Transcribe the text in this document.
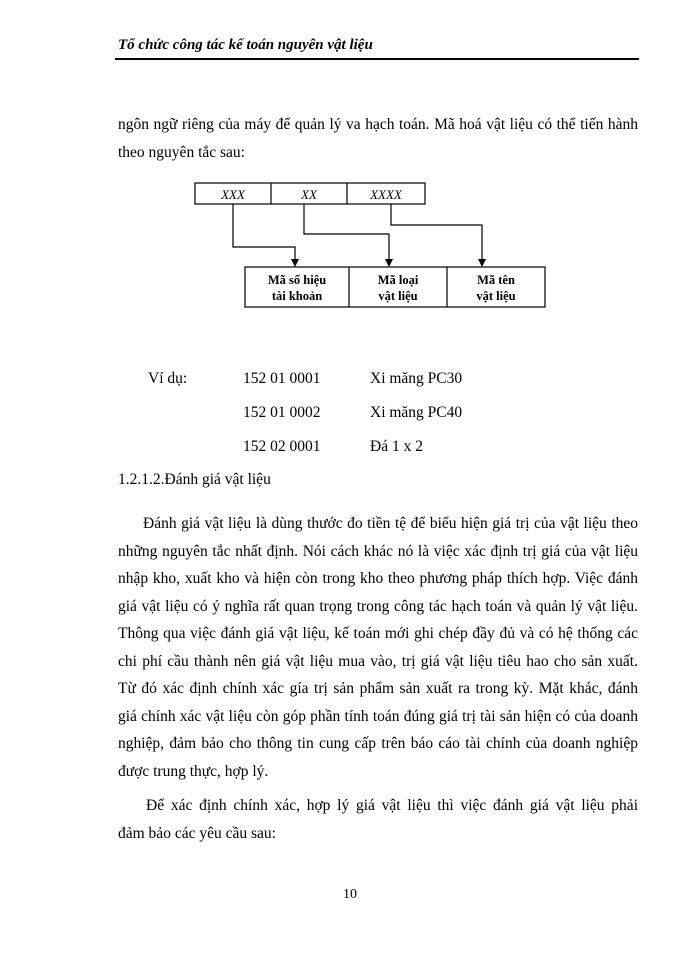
Tổ chức công tác kế toán nguyên vật liệu
ngôn ngữ riêng của máy để quản lý va hạch toán. Mã hoá vật liệu có thể tiến hành
theo nguyên tắc sau:
XXX	XX	XXXX
Mã số hiệu
tài khoản
Mã loại
vật liệu
Mã tên
vật liệu
Ví dụ:	152 01 0001	Xi măng PC30
152 01 0002	Xi măng PC40
152 02 0001	Đá 1 x 2
1.2.1.2.Đánh giá vật liệu
Đánh giá vật liệu là dùng thước đo tiền tệ để biểu hiện giá trị của vật liệu theo
những nguyên tắc nhất định. Nói cách khác nó là việc xác định trị giá của vật liệu
nhập kho, xuất kho và hiện còn trong kho theo phương pháp thích hợp. Việc đánh
giá vật liệu có ý nghĩa rất quan trọng trong công tác hạch toán và quản lý vật liệu.
Thông qua việc đánh giá vật liệu, kế toán mới ghi chép đầy đủ và có hệ thống các
chi phí cầu thành nên giá vật liệu mua vào, trị giá vật liệu tiêu hao cho sản xuất.
Từ đó xác định chính xác gía trị sản phẩm sản xuất ra trong kỳ. Mặt khác, đánh
giá chính xác vật liệu còn góp phần tính toán đúng giá trị tài sản hiện có của doanh
nghiệp, đảm bảo cho thông tin cung cấp trên báo cáo tài chính của doanh nghiệp
được trung thực, hợp lý.
Để xác định chính xác, hợp lý giá vật liệu thì việc đánh giá vật liệu phải
đảm bảo các yêu cầu sau:
10
